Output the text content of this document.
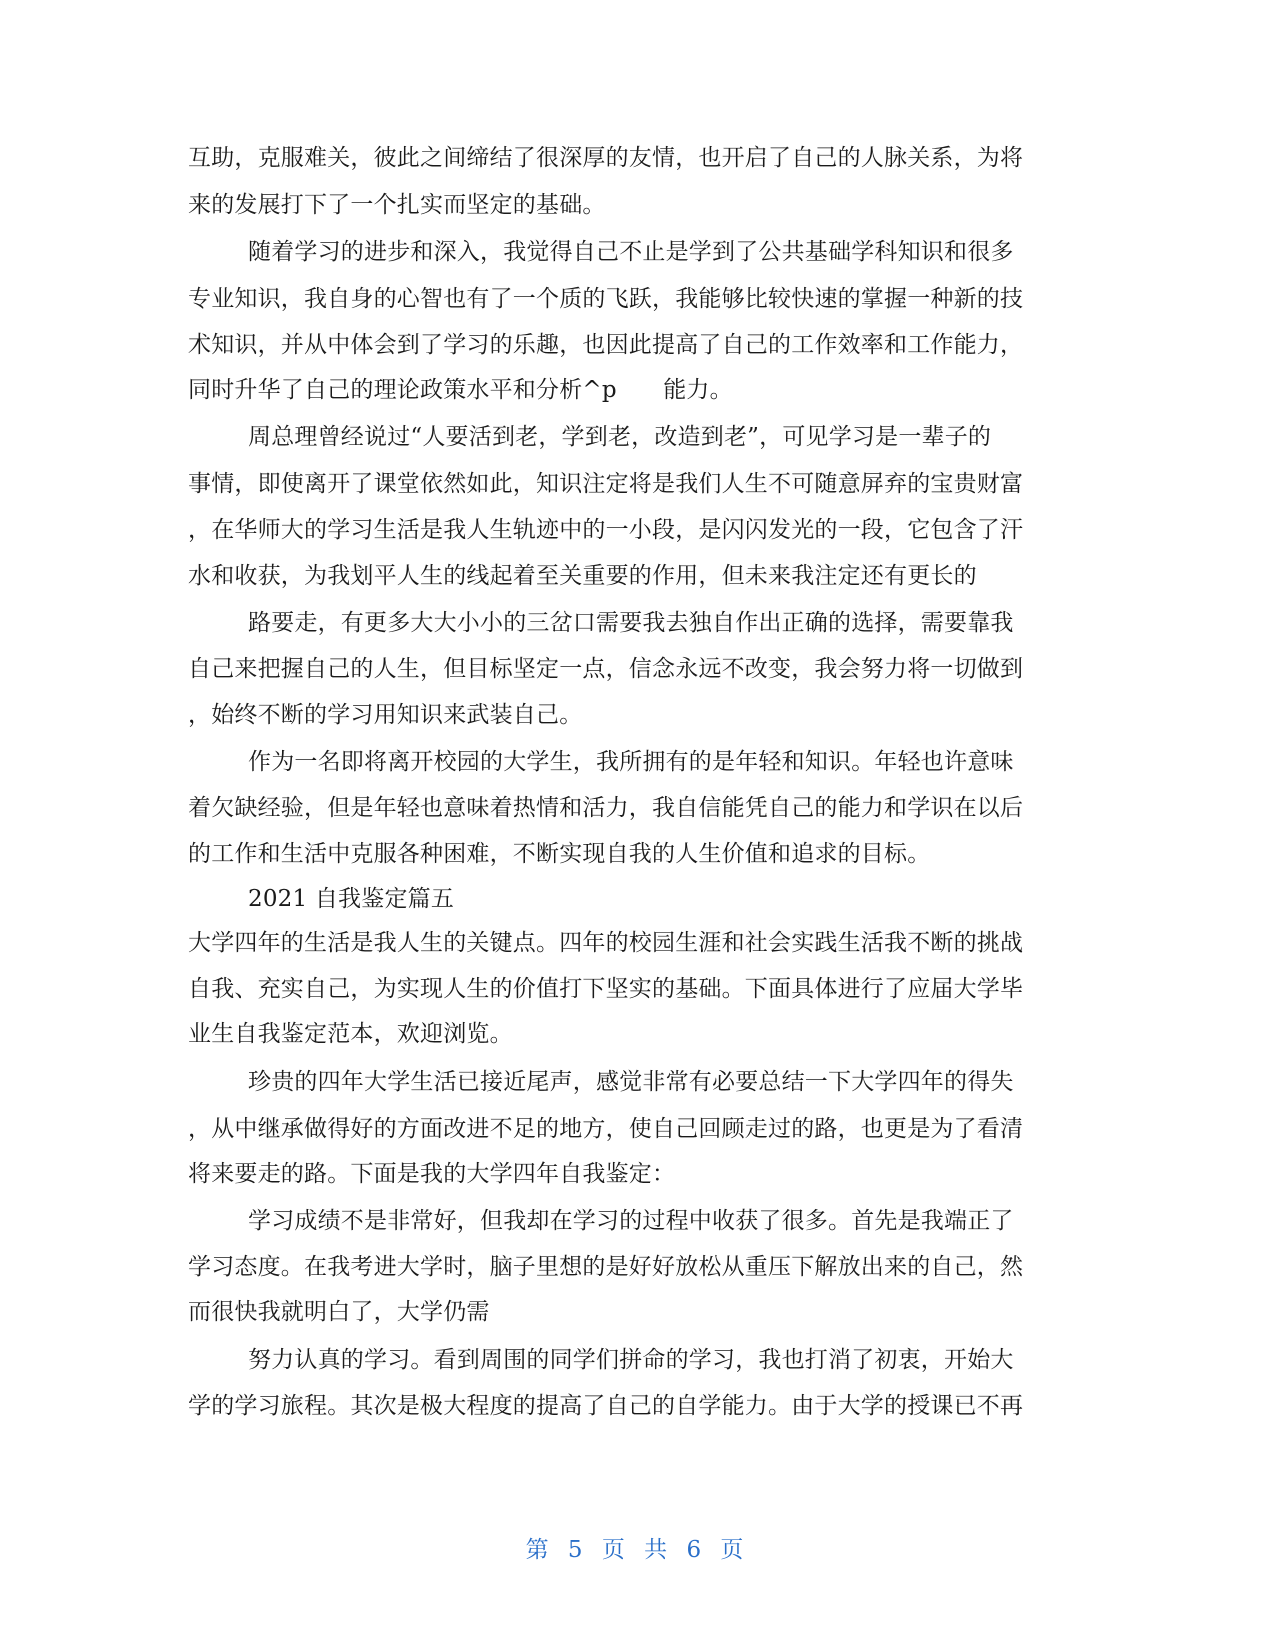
互助，克服难关，彼此之间缔结了很深厚的友情，也开启了自己的人脉关系，为将
来的发展打下了一个扎实而坚定的基础。
随着学习的进步和深入，我觉得自己不止是学到了公共基础学科知识和很多
专业知识，我自身的心智也有了一个质的飞跃，我能够比较快速的掌握一种新的技
术知识，并从中体会到了学习的乐趣，也因此提高了自己的工作效率和工作能力，
同时升华了自己的理论政策水平和分析^p　　能力。
周总理曾经说过“人要活到老，学到老，改造到老”，可见学习是一辈子的
事情，即使离开了课堂依然如此，知识注定将是我们人生不可随意屏弃的宝贵财富
，在华师大的学习生活是我人生轨迹中的一小段，是闪闪发光的一段，它包含了汗
水和收获，为我划平人生的线起着至关重要的作用，但未来我注定还有更长的
路要走，有更多大大小小的三岔口需要我去独自作出正确的选择，需要靠我
自己来把握自己的人生，但目标坚定一点，信念永远不改变，我会努力将一切做到
，始终不断的学习用知识来武装自己。
作为一名即将离开校园的大学生，我所拥有的是年轻和知识。年轻也许意味
着欠缺经验，但是年轻也意味着热情和活力，我自信能凭自己的能力和学识在以后
的工作和生活中克服各种困难，不断实现自我的人生价值和追求的目标。
2021 自我鉴定篇五
大学四年的生活是我人生的关键点。四年的校园生涯和社会实践生活我不断的挑战
自我、充实自己，为实现人生的价值打下坚实的基础。下面具体进行了应届大学毕
业生自我鉴定范本，欢迎浏览。
珍贵的四年大学生活已接近尾声，感觉非常有必要总结一下大学四年的得失
，从中继承做得好的方面改进不足的地方，使自己回顾走过的路，也更是为了看清
将来要走的路。下面是我的大学四年自我鉴定：
学习成绩不是非常好，但我却在学习的过程中收获了很多。首先是我端正了
学习态度。在我考进大学时，脑子里想的是好好放松从重压下解放出来的自己，然
而很快我就明白了，大学仍需
努力认真的学习。看到周围的同学们拼命的学习，我也打消了初衷，开始大
学的学习旅程。其次是极大程度的提高了自己的自学能力。由于大学的授课已不再
第 5 页 共 6 页
